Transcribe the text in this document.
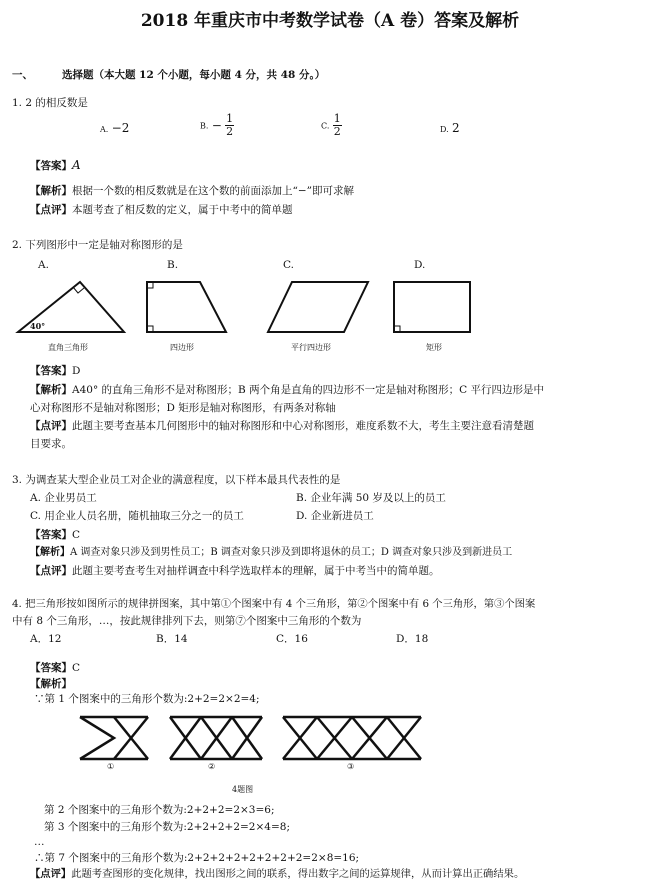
2018 年重庆市中考数学试卷（A 卷）答案及解析
一、	选择题（本大题 12 个小题，每小题 4 分，共 48 分。）
1. 2 的相反数是
A. −2	B. − $\frac{1}{2}$	C. $\frac{1}{2}$	D. 2
【答案】A
【解析】根据一个数的相反数就是在这个数的前面添加上“−”即可求解
【点评】本题考查了相反数的定义，属于中考中的简单题
2. 下列图形中一定是轴对称图形的是
A.	B.	C.	D.
40°
直角三角形	四边形	平行四边形	矩形
【答案】D
【解析】A40° 的直角三角形不是对称图形；B 两个角是直角的四边形不一定是轴对称图形；C 平行四边形是中
心对称图形不是轴对称图形；D 矩形是轴对称图形，有两条对称轴
【点评】此题主要考查基本几何图形中的轴对称图形和中心对称图形，难度系数不大，考生主要注意看清楚题
目要求。
3. 为调查某大型企业员工对企业的满意程度，以下样本最具代表性的是
A. 企业男员工	B. 企业年满 50 岁及以上的员工
C. 用企业人员名册，随机抽取三分之一的员工	D. 企业新进员工
【答案】C
【解析】A 调查对象只涉及到男性员工；B 调查对象只涉及到即将退休的员工；D 调查对象只涉及到新进员工
【点评】此题主要考查考生对抽样调查中科学选取样本的理解，属于中考当中的简单题。
4. 把三角形按如图所示的规律拼图案，其中第①个图案中有 4 个三角形，第②个图案中有 6 个三角形，第③个图案
中有 8 个三角形，…，按此规律排列下去，则第⑦个图案中三角形的个数为
A．12	B．14	C．16	D．18
【答案】C
【解析】
∵第 1 个图案中的三角形个数为:2+2=2×2=4;
①	②	③
4题图
第 2 个图案中的三角形个数为:2+2+2=2×3=6;
第 3 个图案中的三角形个数为:2+2+2+2=2×4=8;
…
∴第 7 个图案中的三角形个数为:2+2+2+2+2+2+2+2=2×8=16;
【点评】此题考查图形的变化规律，找出图形之间的联系，得出数字之间的运算规律，从而计算出正确结果。
